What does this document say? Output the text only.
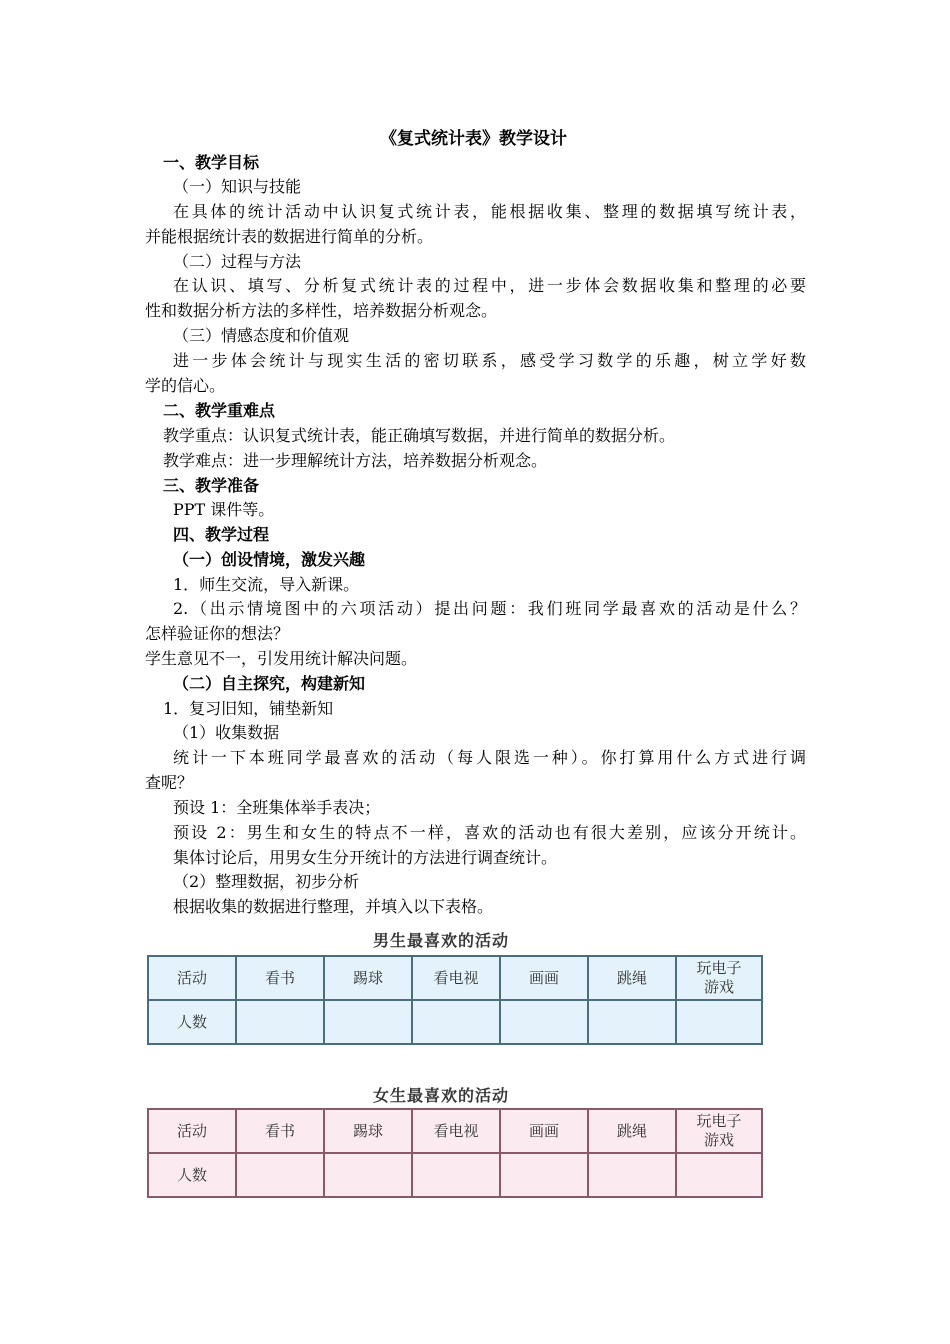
《复式统计表》教学设计
一、教学目标
（一）知识与技能
在具体的统计活动中认识复式统计表，能根据收集、整理的数据填写统计表，
并能根据统计表的数据进行简单的分析。
（二）过程与方法
在认识、填写、分析复式统计表的过程中，进一步体会数据收集和整理的必要
性和数据分析方法的多样性，培养数据分析观念。
（三）情感态度和价值观
进一步体会统计与现实生活的密切联系，感受学习数学的乐趣，树立学好数
学的信心。
二、教学重难点
教学重点：认识复式统计表，能正确填写数据，并进行简单的数据分析。
教学难点：进一步理解统计方法，培养数据分析观念。
三、教学准备
PPT 课件等。
四、教学过程
（一）创设情境，激发兴趣
1．师生交流，导入新课。
2.（出示情境图中的六项活动）提出问题：我们班同学最喜欢的活动是什么？
怎样验证你的想法？
学生意见不一，引发用统计解决问题。
（二）自主探究，构建新知
1．复习旧知，铺垫新知
（1）收集数据
统计一下本班同学最喜欢的活动（每人限选一种）。你打算用什么方式进行调
查呢？
预设 1：全班集体举手表决；
预设 2：男生和女生的特点不一样，喜欢的活动也有很大差别，应该分开统计。
集体讨论后，用男女生分开统计的方法进行调查统计。
（2）整理数据，初步分析
根据收集的数据进行整理，并填入以下表格。
男生最喜欢的活动
活动	看书	踢球	看电视	画画	跳绳	玩电子
游戏
人数						
女生最喜欢的活动
活动	看书	踢球	看电视	画画	跳绳	玩电子
游戏
人数						
